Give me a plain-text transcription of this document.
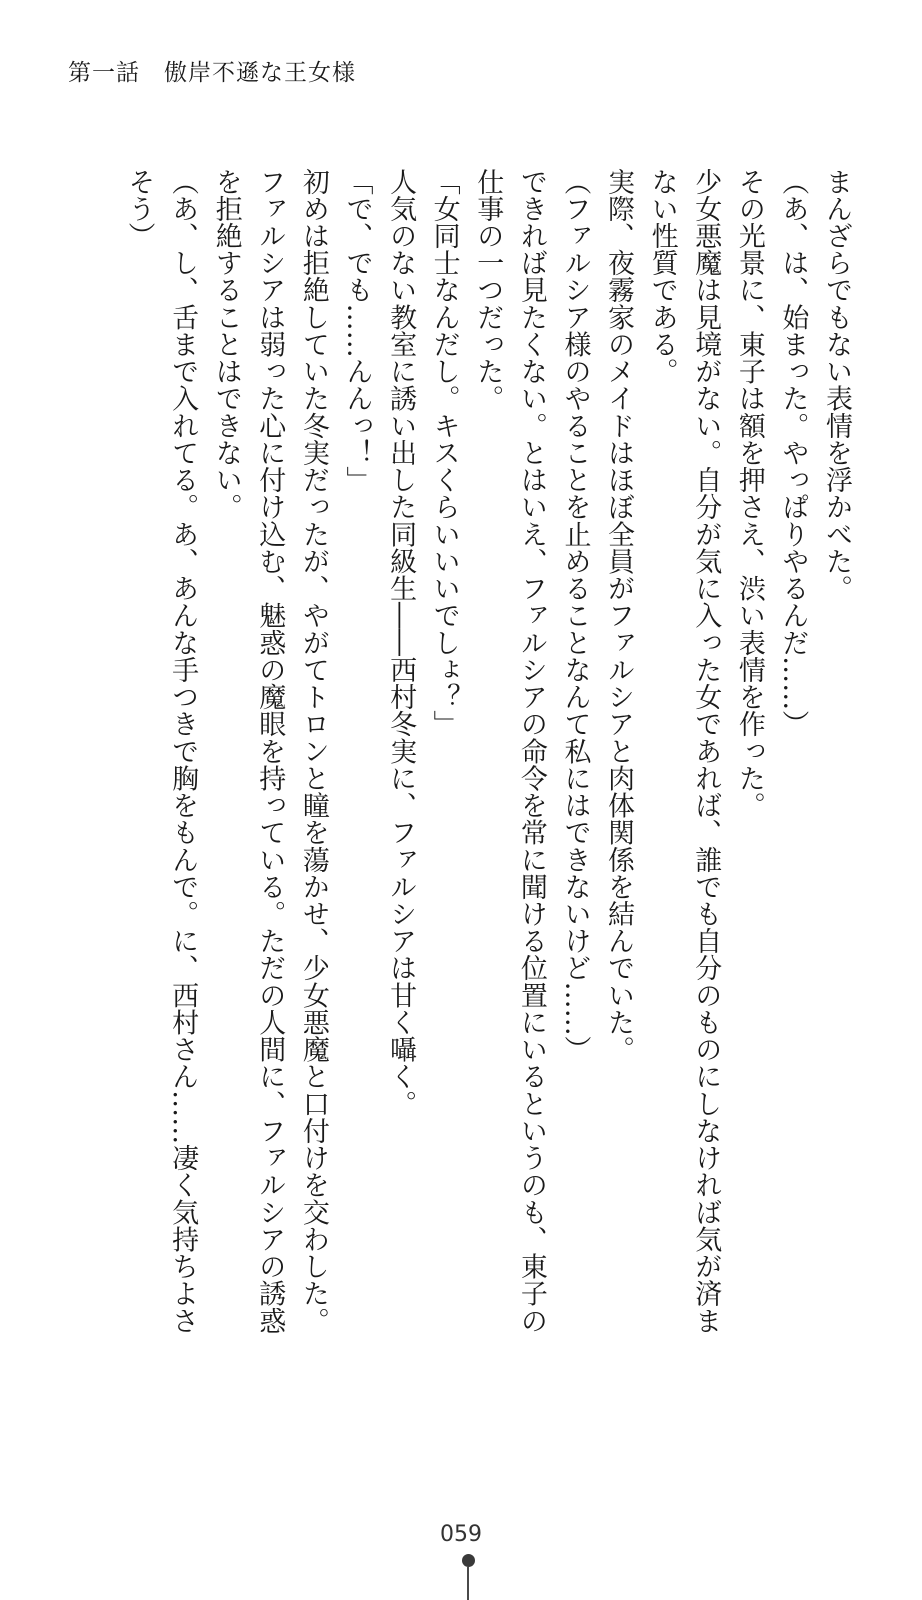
第一話　傲岸不遜な王女様

まんざらでもない表情を浮かべた。

（あ、は、始まった。やっぱりやるんだ……）

その光景に、東子は額を押さえ、渋い表情を作った。

少女悪魔は見境がない。自分が気に入った女であれば、誰でも自分のものにしなければ気が済まない性質である。

実際、夜霧家のメイドはほぼ全員がファルシアと肉体関係を結んでいた。

（ファルシア様のやることを止めることなんて私にはできないけど……）

できれば見たくない。とはいえ、ファルシアの命令を常に聞ける位置にいるというのも、東子の仕事の一つだった。

「女同士なんだし。キスくらいいいでしょ？」

人気のない教室に誘い出した同級生――西村冬実に、ファルシアは甘く囁く。

「で、でも……んんっ！」

初めは拒絶していた冬実だったが、やがてトロンと瞳を蕩かせ、少女悪魔と口付けを交わした。

ファルシアは弱った心に付け込む、魅惑の魔眼を持っている。ただの人間に、ファルシアの誘惑を拒絶することはできない。

（あ、し、舌まで入れてる。あ、あんな手つきで胸をもんで。に、西村さん……凄く気持ちよさそう）

059
